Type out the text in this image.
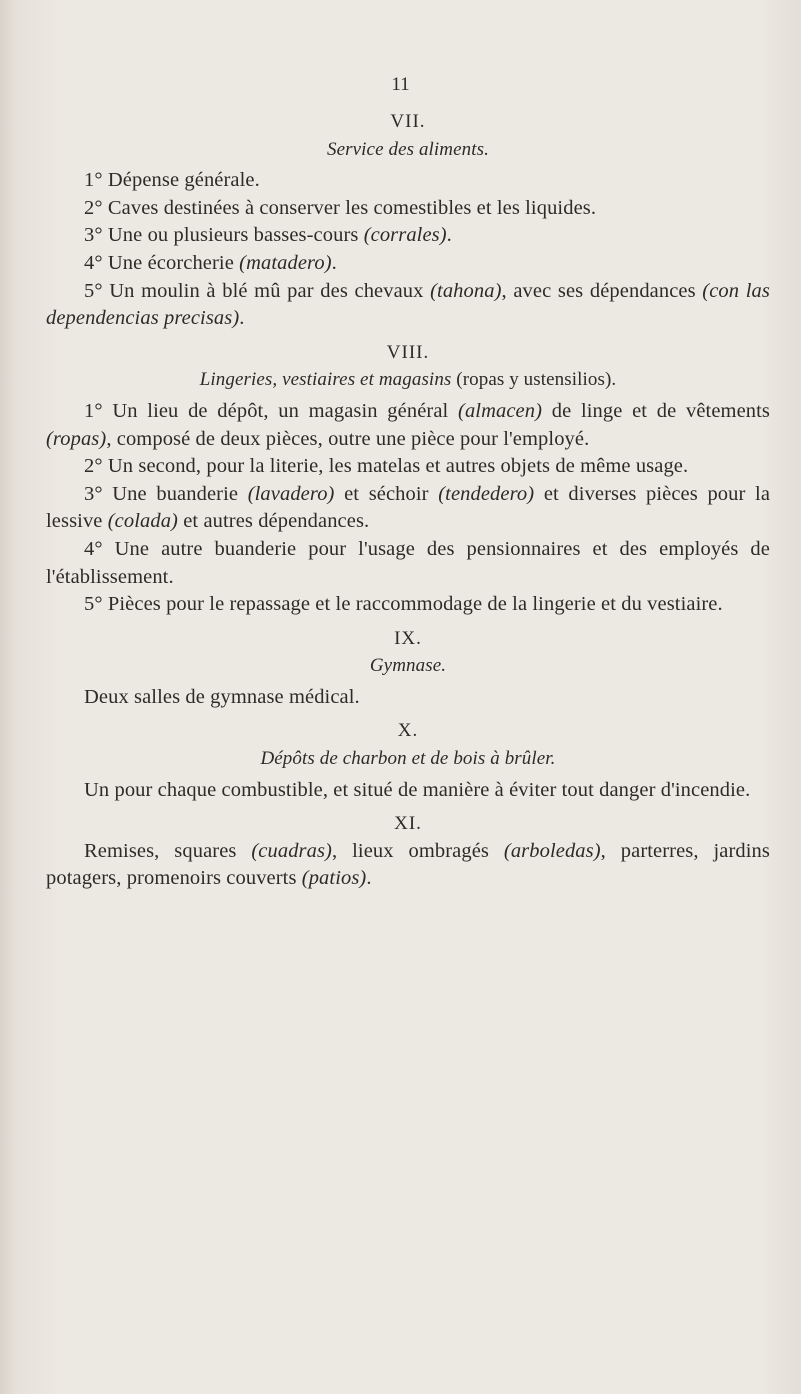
11

VII.

Service des aliments.

1° Dépense générale.

2° Caves destinées à conserver les comestibles et les liquides.

3° Une ou plusieurs basses-cours (corrales).

4° Une écorcherie (matadero).

5° Un moulin à blé mû par des chevaux (tahona), avec ses dépendances (con las dependencias precisas).

VIII.

Lingeries, vestiaires et magasins (ropas y ustensilios).

1° Un lieu de dépôt, un magasin général (almacen) de linge et de vêtements (ropas), composé de deux pièces, outre une pièce pour l'employé.

2° Un second, pour la literie, les matelas et autres objets de même usage.

3° Une buanderie (lavadero) et séchoir (tendedero) et diverses pièces pour la lessive (colada) et autres dépendances.

4° Une autre buanderie pour l'usage des pensionnaires et des employés de l'établissement.

5° Pièces pour le repassage et le raccommodage de la lingerie et du vestiaire.

IX.

Gymnase.

Deux salles de gymnase médical.

X.

Dépôts de charbon et de bois à brûler.

Un pour chaque combustible, et situé de manière à éviter tout danger d'incendie.

XI.

Remises, squares (cuadras), lieux ombragés (arboledas), parterres, jardins potagers, promenoirs couverts (patios).
